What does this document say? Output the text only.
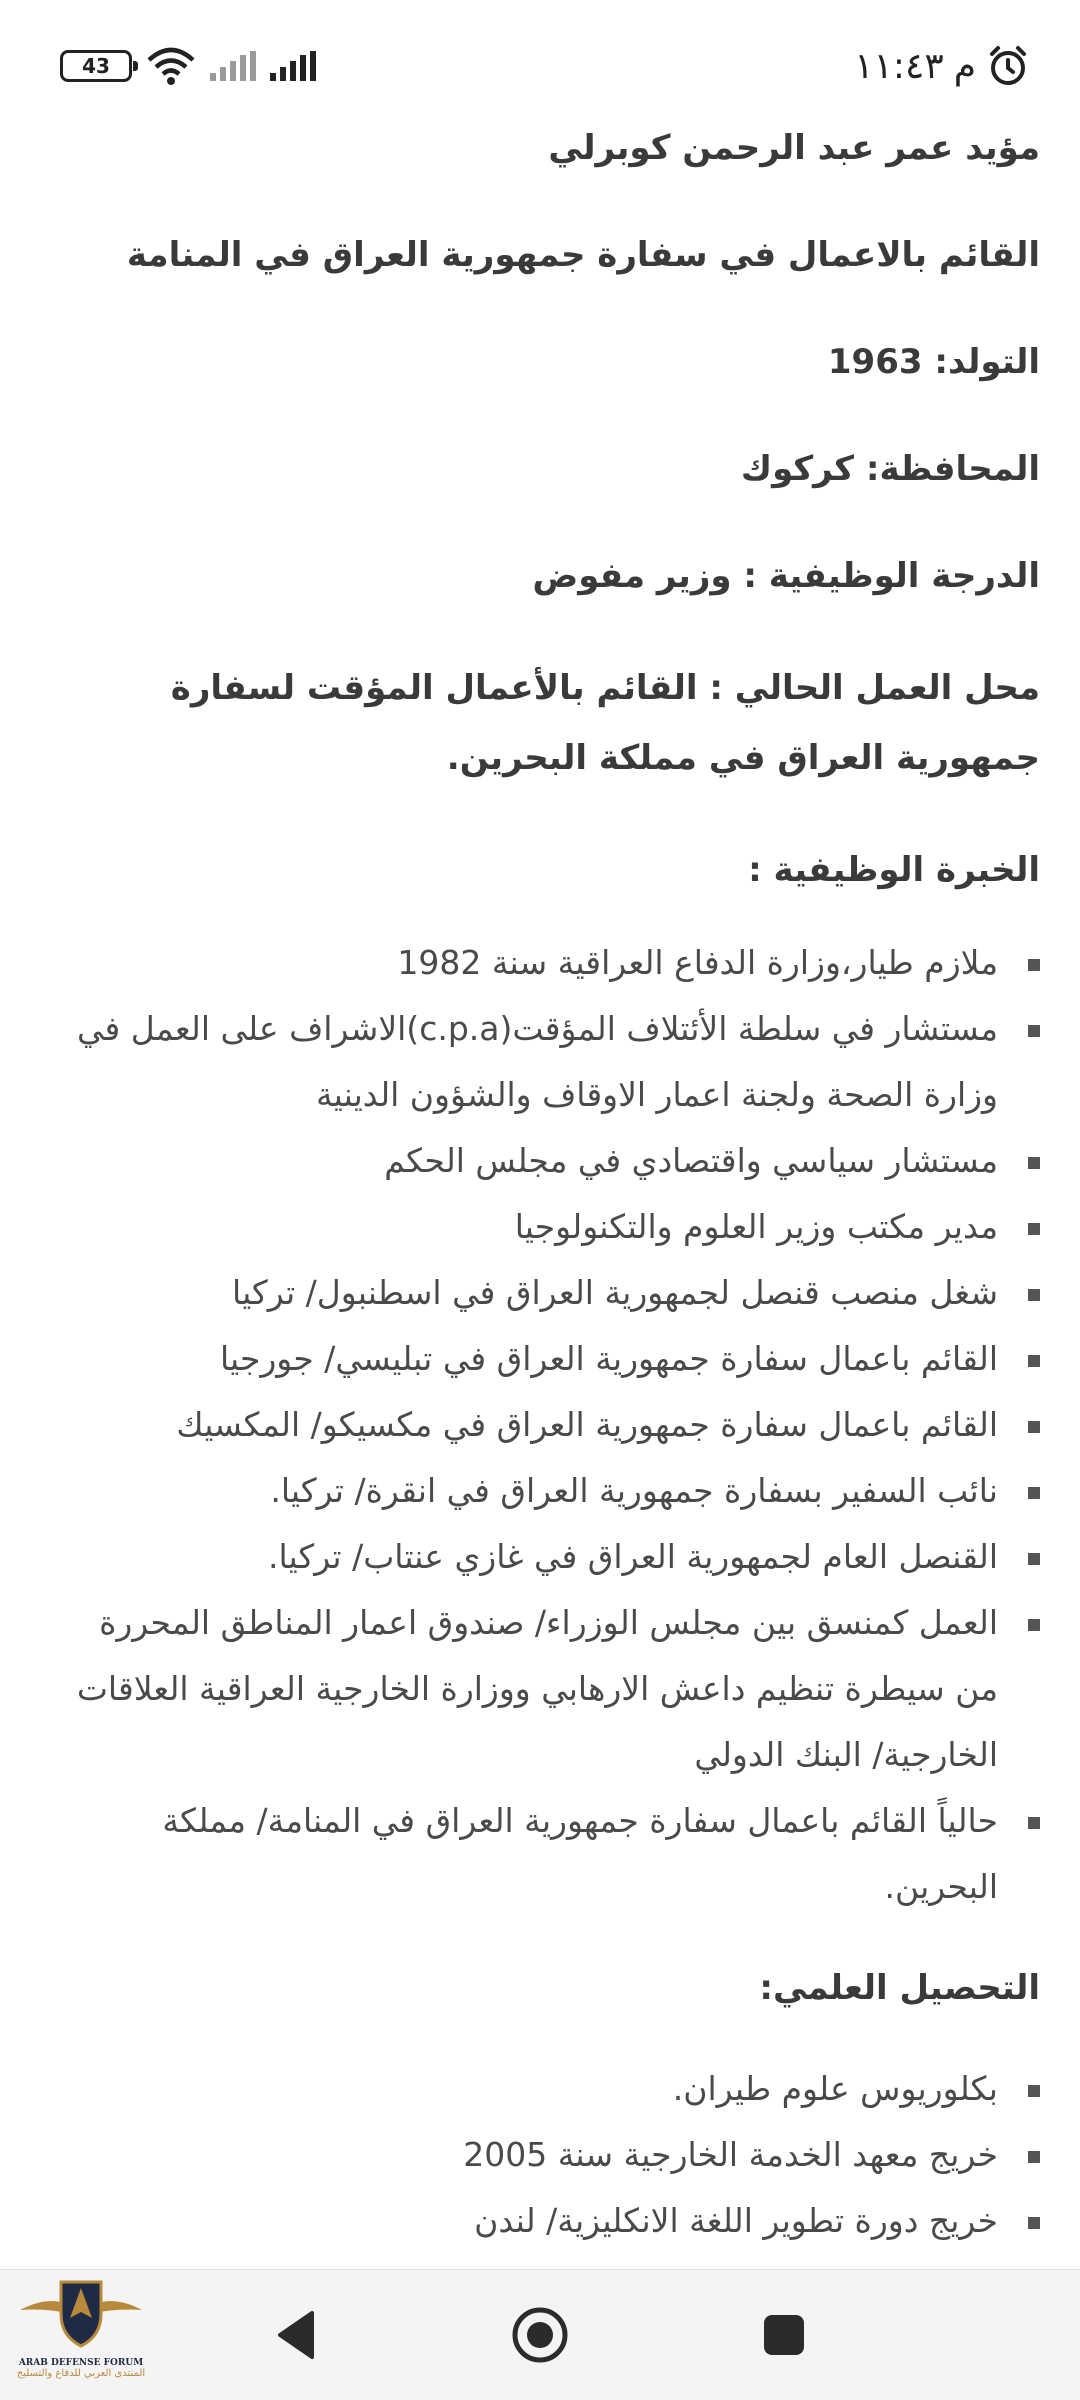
م
١١:٤٣
43

مؤيد عمر عبد الرحمن كوبرلي

القائم بالاعمال في سفارة جمهورية العراق في المنامة

التولد: 1963

المحافظة: كركوك

الدرجة الوظيفية : وزير مفوض

محل العمل الحالي : القائم بالأعمال المؤقت لسفارة جمهورية العراق في مملكة البحرين.

الخبرة الوظيفية :

ملازم طيار،وزارة الدفاع العراقية سنة 1982
مستشار في سلطة الأئتلاف المؤقت(c.p.a)الاشراف على العمل في وزارة الصحة ولجنة اعمار الاوقاف والشؤون الدينية
مستشار سياسي واقتصادي في مجلس الحكم
مدير مكتب وزير العلوم والتكنولوجيا
شغل منصب قنصل لجمهورية العراق في اسطنبول/ تركيا
القائم باعمال سفارة جمهورية العراق في تبليسي/ جورجيا
القائم باعمال سفارة جمهورية العراق في مكسيكو/ المكسيك
نائب السفير بسفارة جمهورية العراق في انقرة/ تركيا.
القنصل العام لجمهورية العراق في غازي عنتاب/ تركيا.
العمل كمنسق بين مجلس الوزراء/ صندوق اعمار المناطق المحررة من سيطرة تنظيم داعش الارهابي ووزارة الخارجية العراقية العلاقات الخارجية/ البنك الدولي
حالياً القائم باعمال سفارة جمهورية العراق في المنامة/ مملكة البحرين.

التحصيل العلمي:

بكلوريوس علوم طيران.
خريج معهد الخدمة الخارجية سنة 2005
خريج دورة تطوير اللغة الانكليزية/ لندن
ARAB DEFENSE FORUM
المنتدى العربي للدفاع والتسليح
